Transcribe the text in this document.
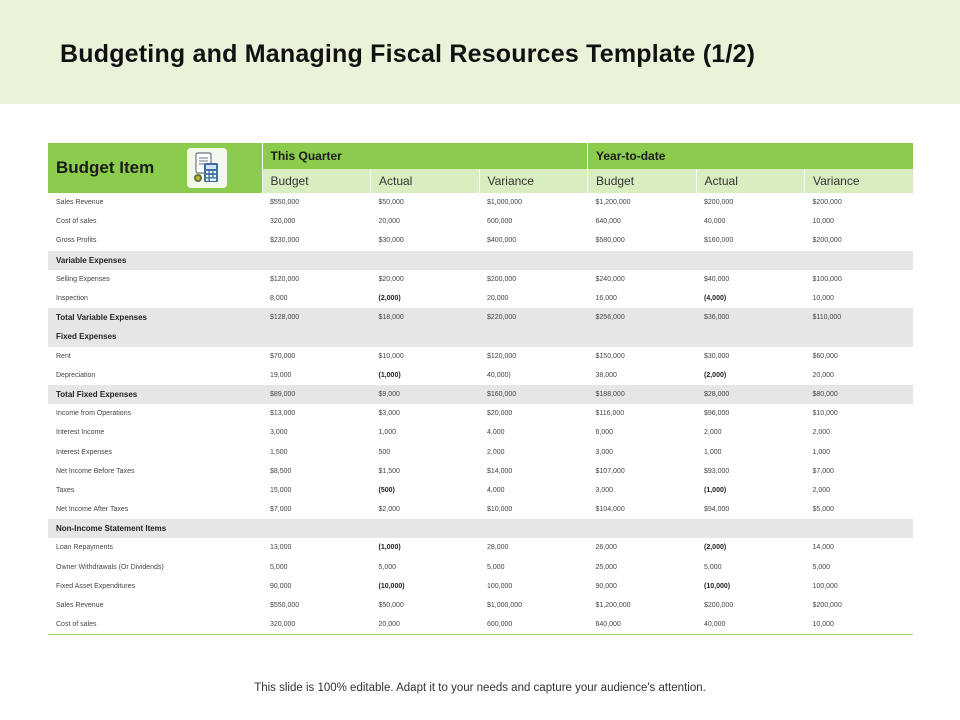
Budgeting and Managing Fiscal Resources Template (1/2)
Budget Item	This Quarter			Year-to-date		
	Budget	Actual	Variance	Budget	Actual	Variance
Sales Revenue	$550,000	$50,000	$1,000,000	$1,200,000	$200,000	$200,000
Cost of sales	320,000	20,000	600,000	640,000	40,000	10,000
Gross Profits	$230,000	$30,000	$400,000	$580,000	$160,000	$200,000
Variable Expenses						
Selling Expenses	$120,000	$20,000	$200,000	$240,000	$40,000	$100,000
Inspection	8,000	(2,000)	20,000	16,000	(4,000)	10,000
Total Variable Expenses	$128,000	$18,000	$220,000	$256,000	$36,000	$110,000
Fixed Expenses						
Rent	$70,000	$10,000	$120,000	$150,000	$30,000	$60,000
Depreciation	19,000	(1,000)	40,000)	38,000	(2,000)	20,000
Total Fixed Expenses	$89,000	$9,000	$160,000	$188,000	$28,000	$80,000
Income from Operations	$13,000	$3,000	$20,000	$116,000	$96,000	$10,000
Interest Income	3,000	1,000	4,000	6,000	2,000	2,000
Interest Expenses	1,500	500	2,000	3,000	1,000	1,000
Net Income Before Taxes	$8,500	$1,500	$14,000	$107,000	$93,000	$7,000
Taxes	15,000	(500)	4,000	3,000	(1,000)	2,000
Net Income After Taxes	$7,000	$2,000	$10,000	$104,000	$94,000	$5,000
Non-Income Statement Items						
Loan Repayments	13,000	(1,000)	28,000	26,000	(2,000)	14,000
Owner Withdrawals (Or Dividends)	5,000	5,000	5,000	25,000	5,000	5,000
Fixed Asset Expenditures	90,000	(10,000)	100,000	90,000	(10,000)	100,000
Sales Revenue	$550,000	$50,000	$1,000,000	$1,200,000	$200,000	$200,000
Cost of sales	320,000	20,000	600,000	640,000	40,000	10,000
This slide is 100% editable. Adapt it to your needs and capture your audience's attention.
